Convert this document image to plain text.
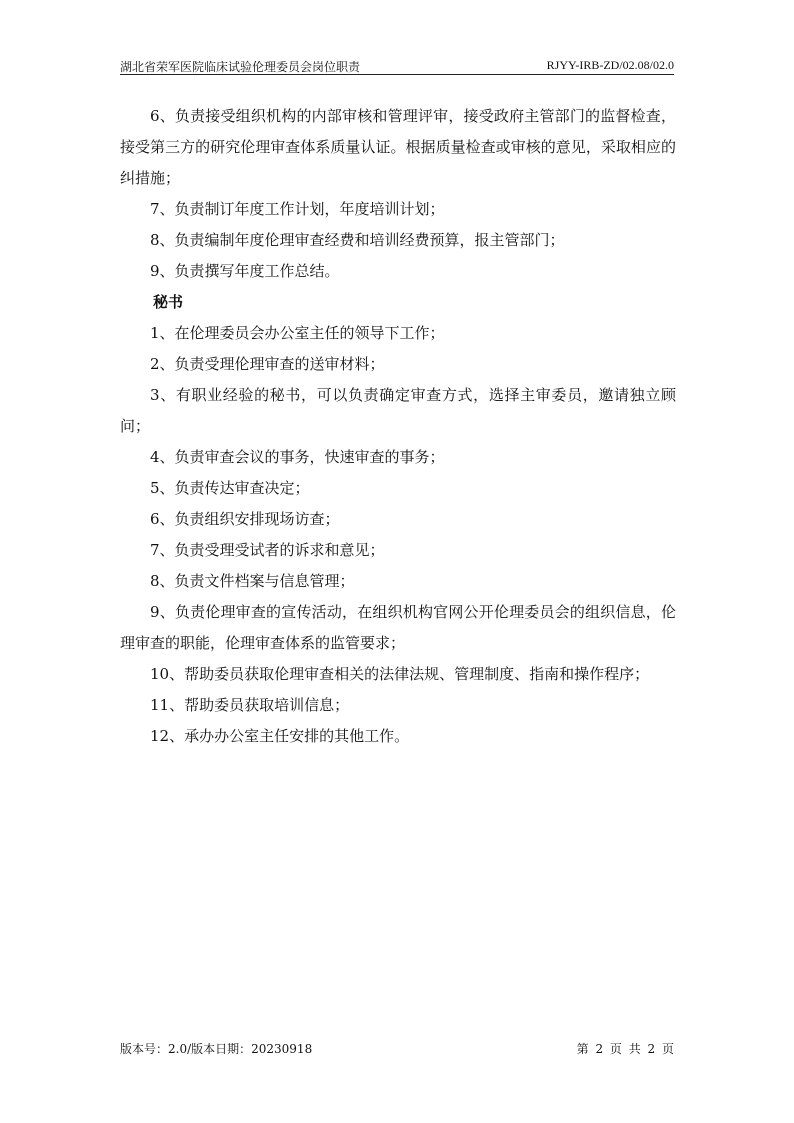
湖北省荣军医院临床试验伦理委员会岗位职责	RJYY-IRB-ZD/02.08/02.0

6、负责接受组织机构的内部审核和管理评审，接受政府主管部门的监督检查，接受第三方的研究伦理审查体系质量认证。根据质量检查或审核的意见，采取相应的纠措施；

7、负责制订年度工作计划，年度培训计划；

8、负责编制年度伦理审查经费和培训经费预算，报主管部门；

9、负责撰写年度工作总结。

秘书

1、在伦理委员会办公室主任的领导下工作；

2、负责受理伦理审查的送审材料；

3、有职业经验的秘书，可以负责确定审查方式，选择主审委员，邀请独立顾问；

4、负责审查会议的事务，快速审查的事务；

5、负责传达审查决定；

6、负责组织安排现场访查；

7、负责受理受试者的诉求和意见；

8、负责文件档案与信息管理；

9、负责伦理审查的宣传活动，在组织机构官网公开伦理委员会的组织信息，伦理审查的职能，伦理审查体系的监管要求；

10、帮助委员获取伦理审查相关的法律法规、管理制度、指南和操作程序；

11、帮助委员获取培训信息；

12、承办办公室主任安排的其他工作。

版本号：2.0/版本日期：20230918	第 2 页 共 2 页
